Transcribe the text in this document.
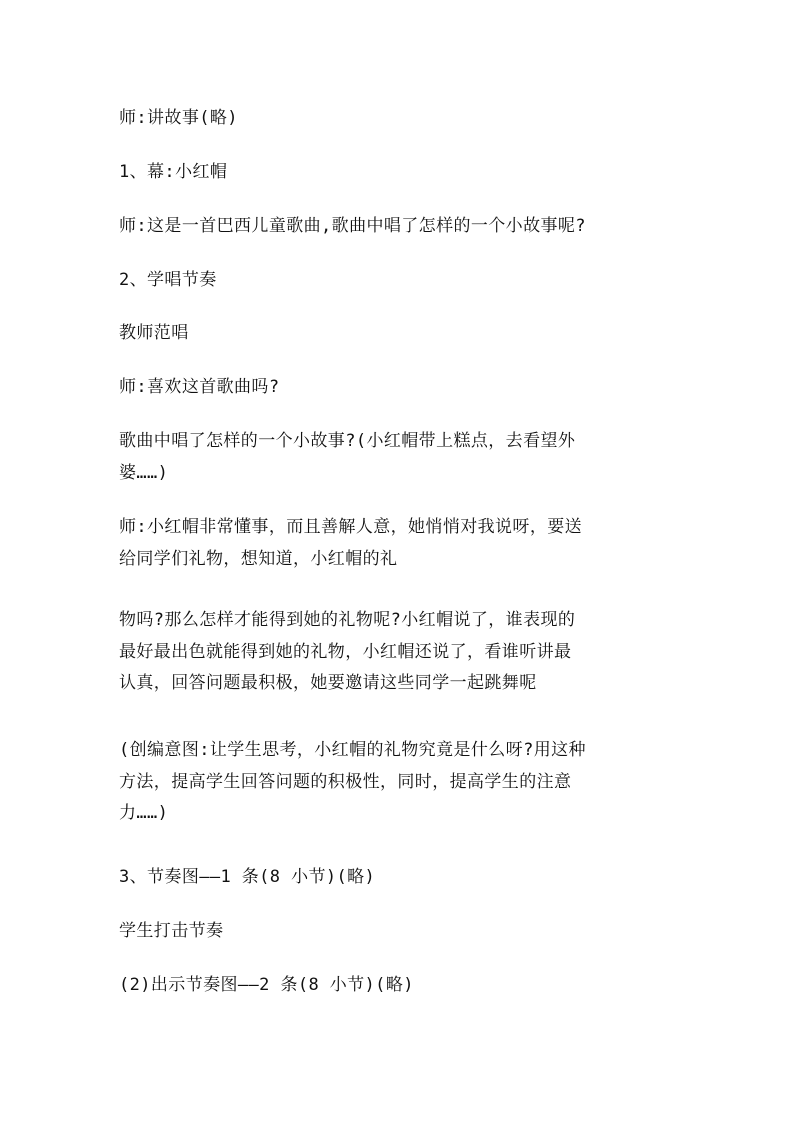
师:讲故事(略)

1、幕:小红帽

师:这是一首巴西儿童歌曲,歌曲中唱了怎样的一个小故事呢?

2、学唱节奏

教师范唱

师:喜欢这首歌曲吗?

歌曲中唱了怎样的一个小故事?(小红帽带上糕点，去看望外
婆……)

师:小红帽非常懂事，而且善解人意，她悄悄对我说呀，要送
给同学们礼物，想知道，小红帽的礼

物吗?那么怎样才能得到她的礼物呢?小红帽说了，谁表现的
最好最出色就能得到她的礼物，小红帽还说了，看谁听讲最
认真，回答问题最积极，她要邀请这些同学一起跳舞呢

(创编意图:让学生思考，小红帽的礼物究竟是什么呀?用这种
方法，提高学生回答问题的积极性，同时，提高学生的注意
力……)

3、节奏图——1 条(8 小节)(略)

学生打击节奏

(2)出示节奏图——2 条(8 小节)(略)
